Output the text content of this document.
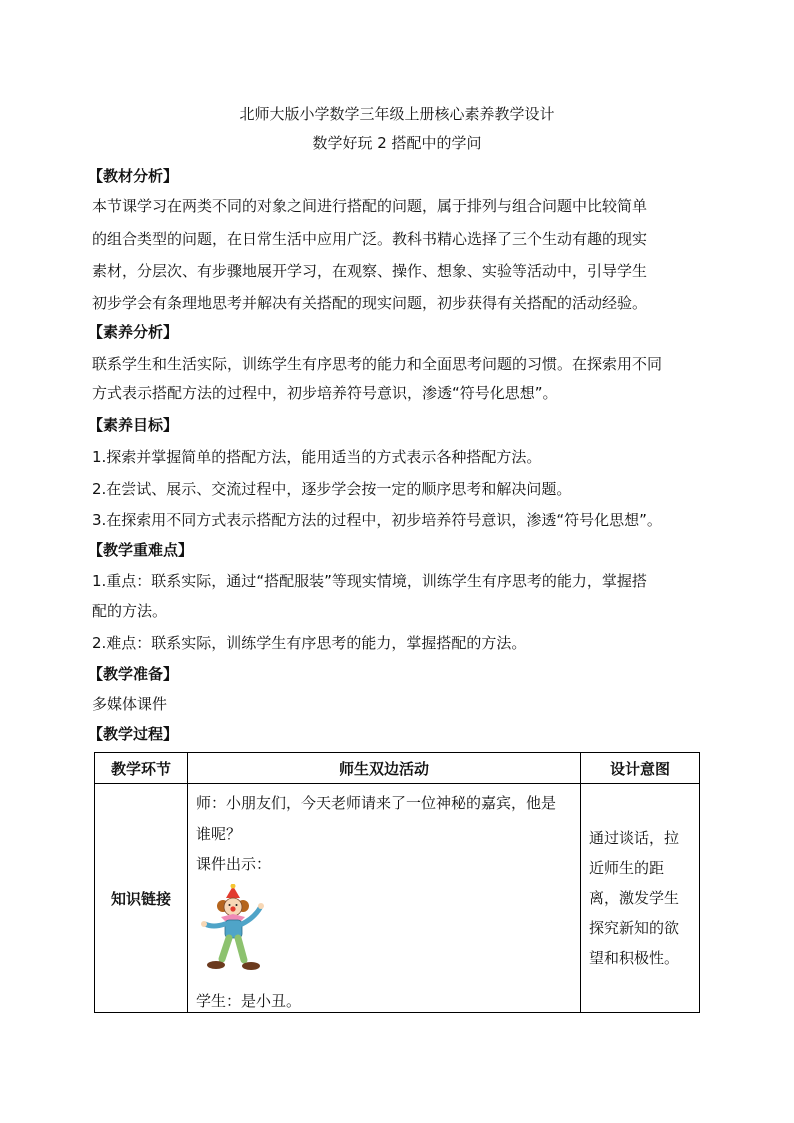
北师大版小学数学三年级上册核心素养教学设计
数学好玩 2 搭配中的学问
【教材分析】
本节课学习在两类不同的对象之间进行搭配的问题，属于排列与组合问题中比较简单
的组合类型的问题，在日常生活中应用广泛。教科书精心选择了三个生动有趣的现实
素材，分层次、有步骤地展开学习，在观察、操作、想象、实验等活动中，引导学生
初步学会有条理地思考并解决有关搭配的现实问题，初步获得有关搭配的活动经验。
【素养分析】
联系学生和生活实际，训练学生有序思考的能力和全面思考问题的习惯。在探索用不同
方式表示搭配方法的过程中，初步培养符号意识，渗透“符号化思想”。
【素养目标】
1.探索并掌握简单的搭配方法，能用适当的方式表示各种搭配方法。
2.在尝试、展示、交流过程中，逐步学会按一定的顺序思考和解决问题。
3.在探索用不同方式表示搭配方法的过程中，初步培养符号意识，渗透“符号化思想”。
【教学重难点】
1.重点：联系实际，通过“搭配服装”等现实情境，训练学生有序思考的能力，掌握搭
配的方法。
2.难点：联系实际，训练学生有序思考的能力，掌握搭配的方法。
【教学准备】
多媒体课件
【教学过程】
教学环节	师生双边活动	设计意图
知识链接	师：小朋友们，今天老师请来了一位神秘的嘉宾，他是
谁呢？
课件出示：
学生：是小丑。	通过谈话，拉近师生的距离，激发学生探究新知的欲望和积极性。
